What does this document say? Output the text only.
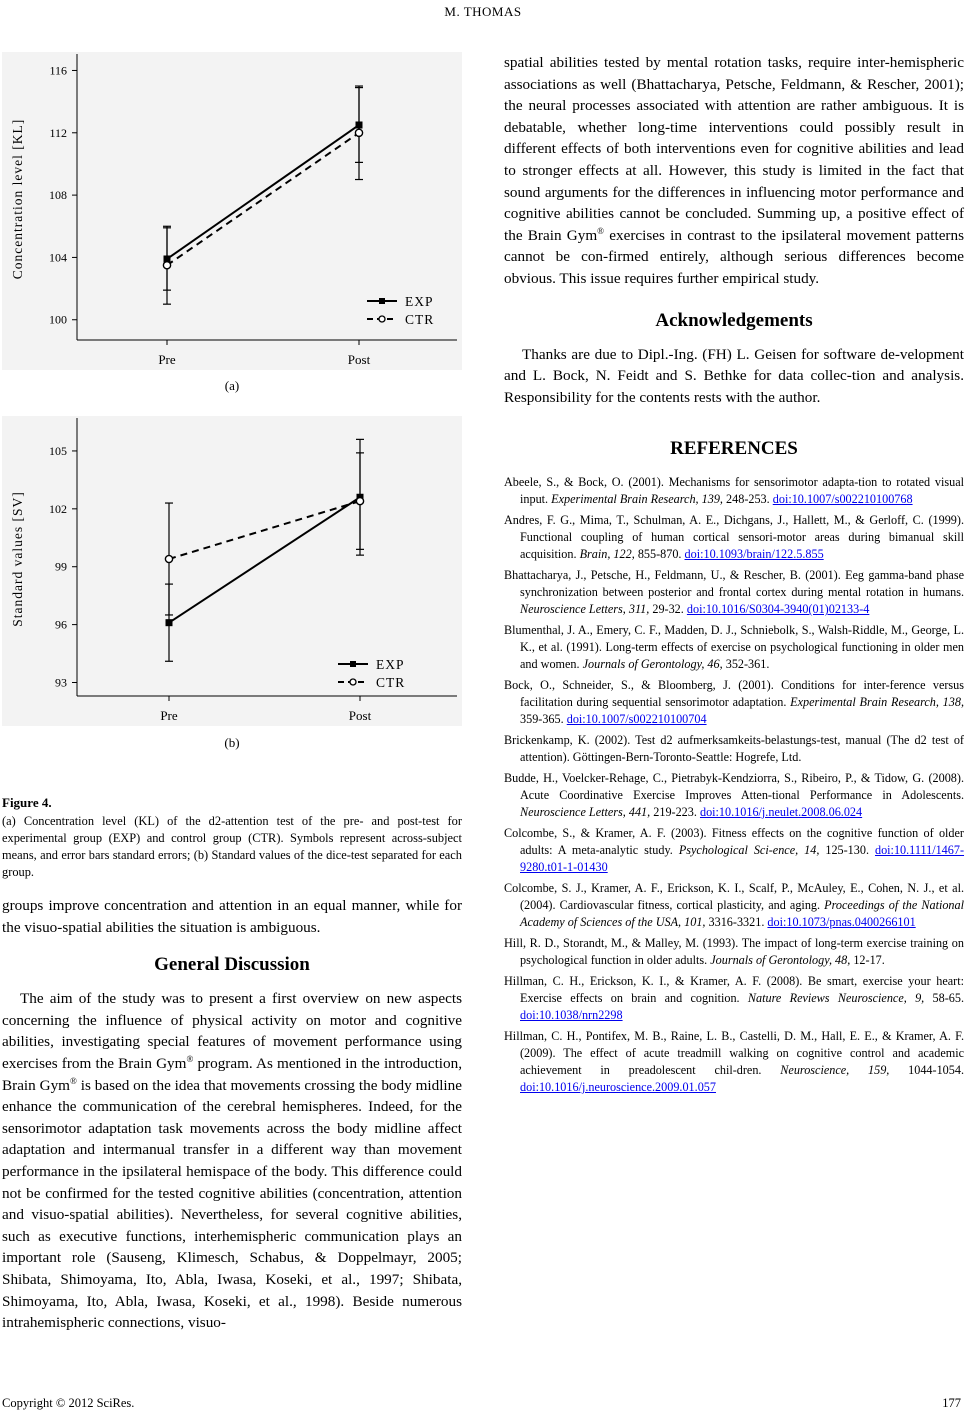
M. THOMAS
100
104
108
112
116
Pre	Post
Concentration level [KL]
EXP
CTR
(a)
93
96
99
102
105
Pre	Post
Standard values [SV]
EXP
CTR
(b)

Figure 4.

(a) Concentration level (KL) of the d2-attention test of the pre- and post-test for experimental group (EXP) and control group (CTR). Symbols represent across-subject means, and error bars standard errors; (b) Standard values of the dice-test separated for each group.

groups improve concentration and attention in an equal manner, while for the visuo-spatial abilities the situation is ambiguous.

General Discussion

The aim of the study was to present a first overview on new aspects concerning the influence of physical activity on motor and cognitive abilities, investigating special features of movement performance using exercises from the Brain Gym® program. As mentioned in the introduction, Brain Gym® is based on the idea that movements crossing the body midline enhance the communication of the cerebral hemispheres. Indeed, for the sensorimotor adaptation task movements across the body midline affect adaptation and intermanual transfer in a different way than movement performance in the ipsilateral hemispace of the body. This difference could not be confirmed for the tested cognitive abilities (concentration, attention and visuo-spatial abilities). Nevertheless, for several cognitive abilities, such as executive functions, interhemispheric communication plays an important role (Sauseng, Klimesch, Schabus, & Doppelmayr, 2005; Shibata, Shimoyama, Ito, Abla, Iwasa, Koseki, et al., 1997; Shibata, Shimoyama, Ito, Abla, Iwasa, Koseki, et al., 1998). Beside numerous intrahemispheric connections, visuo-

spatial abilities tested by mental rotation tasks, require inter-hemispheric associations as well (Bhattacharya, Petsche, Feldmann, & Rescher, 2001); the neural processes associated with attention are rather ambiguous. It is debatable, whether long-time interventions could possibly result in different effects of both interventions even for cognitive abilities and lead to stronger effects at all. However, this study is limited in the fact that sound arguments for the differences in influencing motor performance and cognitive abilities cannot be concluded. Summing up, a positive effect of the Brain Gym® exercises in contrast to the ipsilateral movement patterns cannot be con-firmed entirely, although serious differences become obvious. This issue requires further empirical study.

Acknowledgements

Thanks are due to Dipl.-Ing. (FH) L. Geisen for software de-velopment and L. Bock, N. Feidt and S. Bethke for data collec-tion and analysis. Responsibility for the contents rests with the author.

REFERENCES

Abeele, S., & Bock, O. (2001). Mechanisms for sensorimotor adapta-tion to rotated visual input. Experimental Brain Research, 139, 248-253. doi:10.1007/s002210100768
Andres, F. G., Mima, T., Schulman, A. E., Dichgans, J., Hallett, M., & Gerloff, C. (1999). Functional coupling of human cortical sensori-motor areas during bimanual skill acquisition. Brain, 122, 855-870. doi:10.1093/brain/122.5.855
Bhattacharya, J., Petsche, H., Feldmann, U., & Rescher, B. (2001). Eeg gamma-band phase synchronization between posterior and frontal cortex during mental rotation in humans. Neuroscience Letters, 311, 29-32. doi:10.1016/S0304-3940(01)02133-4
Blumenthal, J. A., Emery, C. F., Madden, D. J., Schniebolk, S., Walsh-Riddle, M., George, L. K., et al. (1991). Long-term effects of exercise on psychological functioning in older men and women. Journals of Gerontology, 46, 352-361.
Bock, O., Schneider, S., & Bloomberg, J. (2001). Conditions for inter-ference versus facilitation during sequential sensorimotor adaptation. Experimental Brain Research, 138, 359-365. doi:10.1007/s002210100704
Brickenkamp, K. (2002). Test d2 aufmerksamkeits-belastungs-test, manual (The d2 test of attention). Göttingen-Bern-Toronto-Seattle: Hogrefe, Ltd.
Budde, H., Voelcker-Rehage, C., Pietrabyk-Kendziorra, S., Ribeiro, P., & Tidow, G. (2008). Acute Coordinative Exercise Improves Atten-tional Performance in Adolescents. Neuroscience Letters, 441, 219-223. doi:10.1016/j.neulet.2008.06.024
Colcombe, S., & Kramer, A. F. (2003). Fitness effects on the cognitive function of older adults: A meta-analytic study. Psychological Sci-ence, 14, 125-130. doi:10.1111/1467-9280.t01-1-01430
Colcombe, S. J., Kramer, A. F., Erickson, K. I., Scalf, P., McAuley, E., Cohen, N. J., et al. (2004). Cardiovascular fitness, cortical plasticity, and aging. Proceedings of the National Academy of Sciences of the USA, 101, 3316-3321. doi:10.1073/pnas.0400266101
Hill, R. D., Storandt, M., & Malley, M. (1993). The impact of long-term exercise training on psychological function in older adults. Journals of Gerontology, 48, 12-17.
Hillman, C. H., Erickson, K. I., & Kramer, A. F. (2008). Be smart, exercise your heart: Exercise effects on brain and cognition. Nature Reviews Neuroscience, 9, 58-65. doi:10.1038/nrn2298
Hillman, C. H., Pontifex, M. B., Raine, L. B., Castelli, D. M., Hall, E. E., & Kramer, A. F. (2009). The effect of acute treadmill walking on cognitive control and academic achievement in preadolescent chil-dren. Neuroscience, 159, 1044-1054. doi:10.1016/j.neuroscience.2009.01.057
Copyright © 2012 SciRes.	177
